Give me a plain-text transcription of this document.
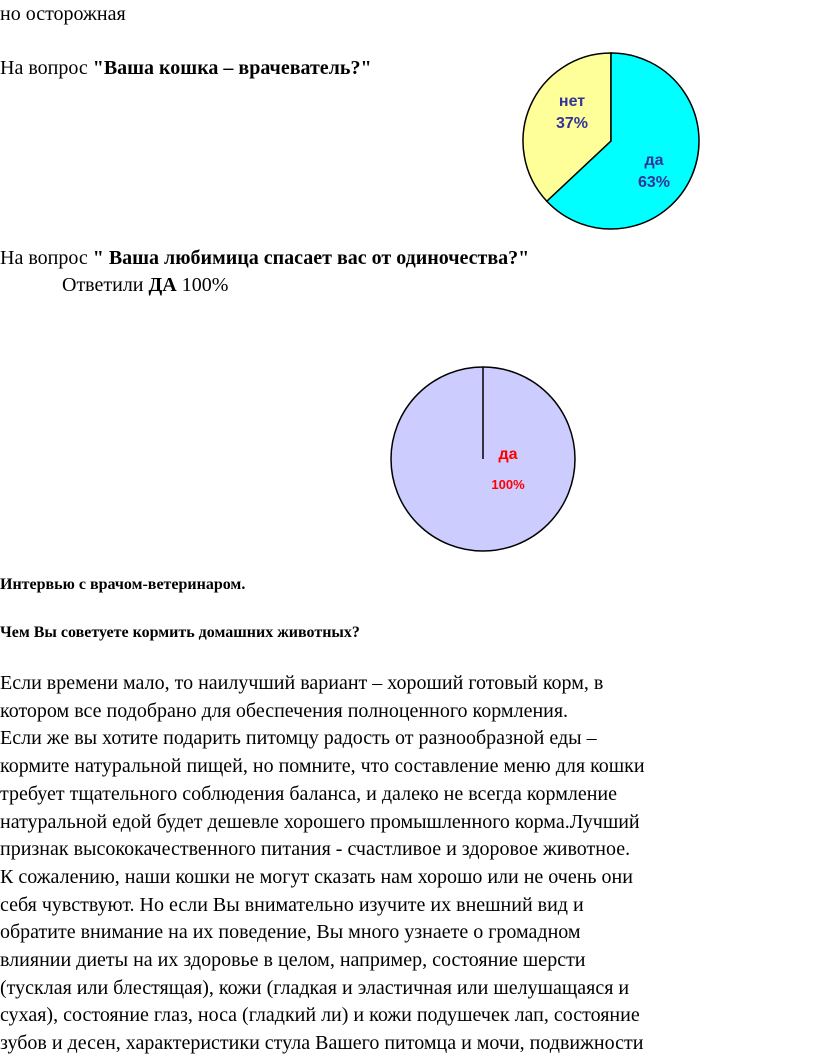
но осторожная
На вопрос "Ваша кошка – врачеватель?"
да
63%
нет
37%
На вопрос " Ваша любимица спасает вас от одиночества?"
Ответили ДА 100%
да
100%
Интервью с врачом-ветеринаром.
Чем Вы советуете кормить домашних животных?
Если времени мало, то наилучший вариант – хороший готовый корм, в
котором все подобрано для обеспечения полноценного кормления.
Если же вы хотите подарить питомцу радость от разнообразной еды –
кормите натуральной пищей, но помните, что составление меню для кошки
требует тщательного соблюдения баланса, и далеко не всегда кормление
натуральной едой будет дешевле хорошего промышленного корма.Лучший
признак высококачественного питания - счастливое и здоровое животное.
К сожалению, наши кошки не могут сказать нам хорошо или не очень они
себя чувствуют. Но если Вы внимательно изучите их внешний вид и
обратите внимание на их поведение, Вы много узнаете о громадном
влиянии диеты на их здоровье в целом, например, состояние шерсти
(тусклая или блестящая), кожи (гладкая и эластичная или шелушащаяся и
сухая), состояние глаз, носа (гладкий ли) и кожи подушечек лап, состояние
зубов и десен, характеристики стула Вашего питомца и мочи, подвижности
